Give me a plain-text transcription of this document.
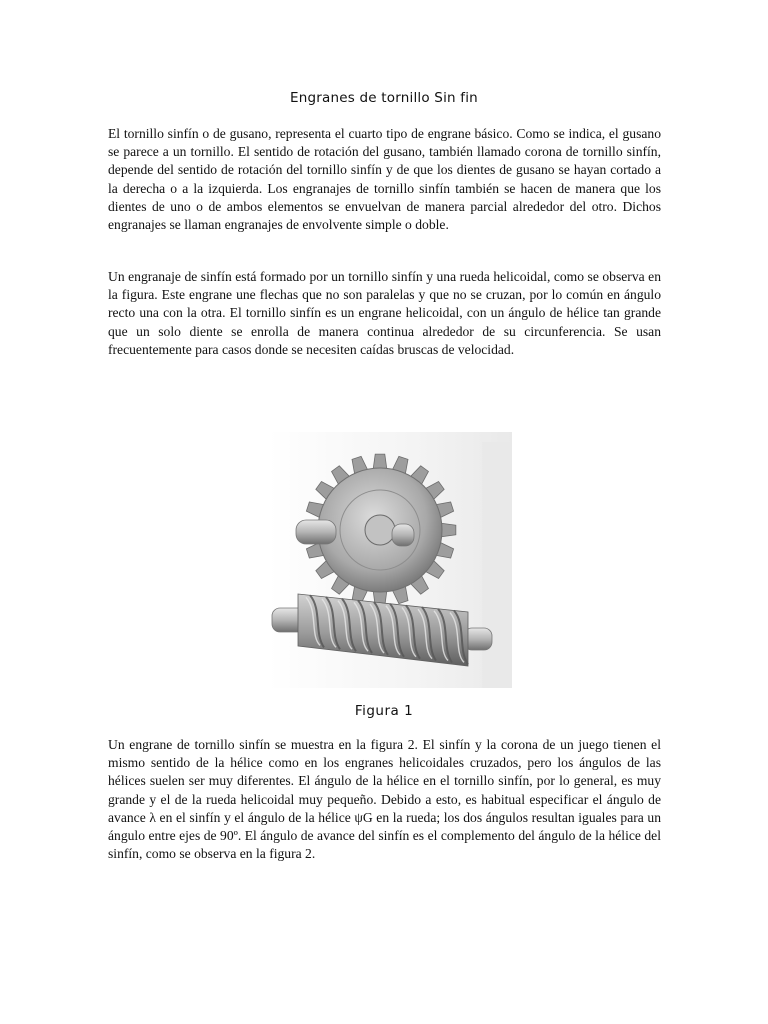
Engranes de tornillo Sin fin

El tornillo sinfín o de gusano, representa el cuarto tipo de engrane básico. Como se indica, el gusano se parece a un tornillo. El sentido de rotación del gusano, también llamado corona de tornillo sinfín, depende del sentido de rotación del tornillo sinfín y de que los dientes de gusano se hayan cortado a la derecha o a la izquierda. Los engranajes de tornillo sinfín también se hacen de manera que los dientes de uno o de ambos elementos se envuelvan de manera parcial alrededor del otro. Dichos engranajes se llaman engranajes de envolvente simple o doble.

Un engranaje de sinfín está formado por un tornillo sinfín y una rueda helicoidal, como se observa en la figura. Este engrane une flechas que no son paralelas y que no se cruzan, por lo común en ángulo recto una con la otra. El tornillo sinfín es un engrane helicoidal, con un ángulo de hélice tan grande que un solo diente se enrolla de manera continua alrededor de su circunferencia. Se usan frecuentemente para casos donde se necesiten caídas bruscas de velocidad.

Figura 1

Un engrane de tornillo sinfín se muestra en la figura 2. El sinfín y la corona de un juego tienen el mismo sentido de la hélice como en los engranes helicoidales cruzados, pero los ángulos de las hélices suelen ser muy diferentes. El ángulo de la hélice en el tornillo sinfín, por lo general, es muy grande y el de la rueda helicoidal muy pequeño. Debido a esto, es habitual especificar el ángulo de avance λ en el sinfín y el ángulo de la hélice ψG en la rueda; los dos ángulos resultan iguales para un ángulo entre ejes de 90º. El ángulo de avance del sinfín es el complemento del ángulo de la hélice del sinfín, como se observa en la figura 2.
